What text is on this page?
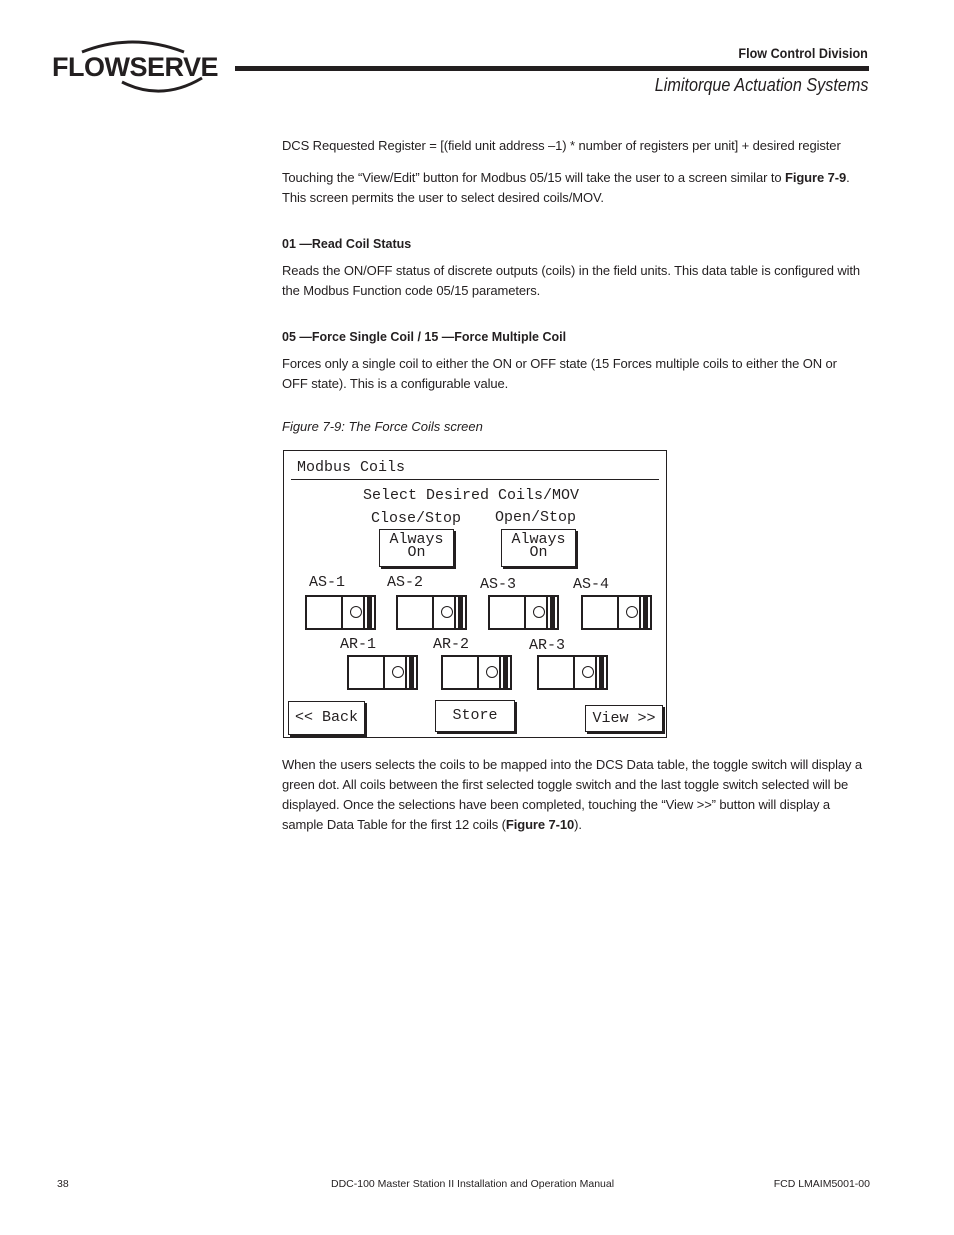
FLOWSERVE	Flow Control Division
Limitorque Actuation Systems

DCS Requested Register = [(field unit address –1) * number of registers per unit] + desired register

Touching the “View/Edit” button for Modbus 05/15 will take the user to a screen similar to Figure 7-9.

This screen permits the user to select desired coils/MOV.

01 —Read Coil Status

Reads the ON/OFF status of discrete outputs (coils) in the field units. This data table is configured with the Modbus Function code 05/15 parameters.

05 —Force Single Coil / 15 —Force Multiple Coil

Forces only a single coil to either the ON or OFF state (15 Forces multiple coils to either the ON or OFF state). This is a configurable value.

Figure 7-9: The Force Coils screen
Modbus Coils
Select Desired Coils/MOV
Close/Stop Open/Stop
Always
On
Always
On
AS-1	AS-2	AS-3	AS-4
AR-1	AR-2	AR-3
<< Back	Store	View >>

When the users selects the coils to be mapped into the DCS Data table, the toggle switch will display a green dot. All coils between the first selected toggle switch and the last toggle switch selected will be displayed. Once the selections have been completed, touching the “View >>” button will display a sample Data Table for the first 12 coils (Figure 7-10).

38	DDC-100 Master Station II Installation and Operation Manual	FCD LMAIM5001-00
